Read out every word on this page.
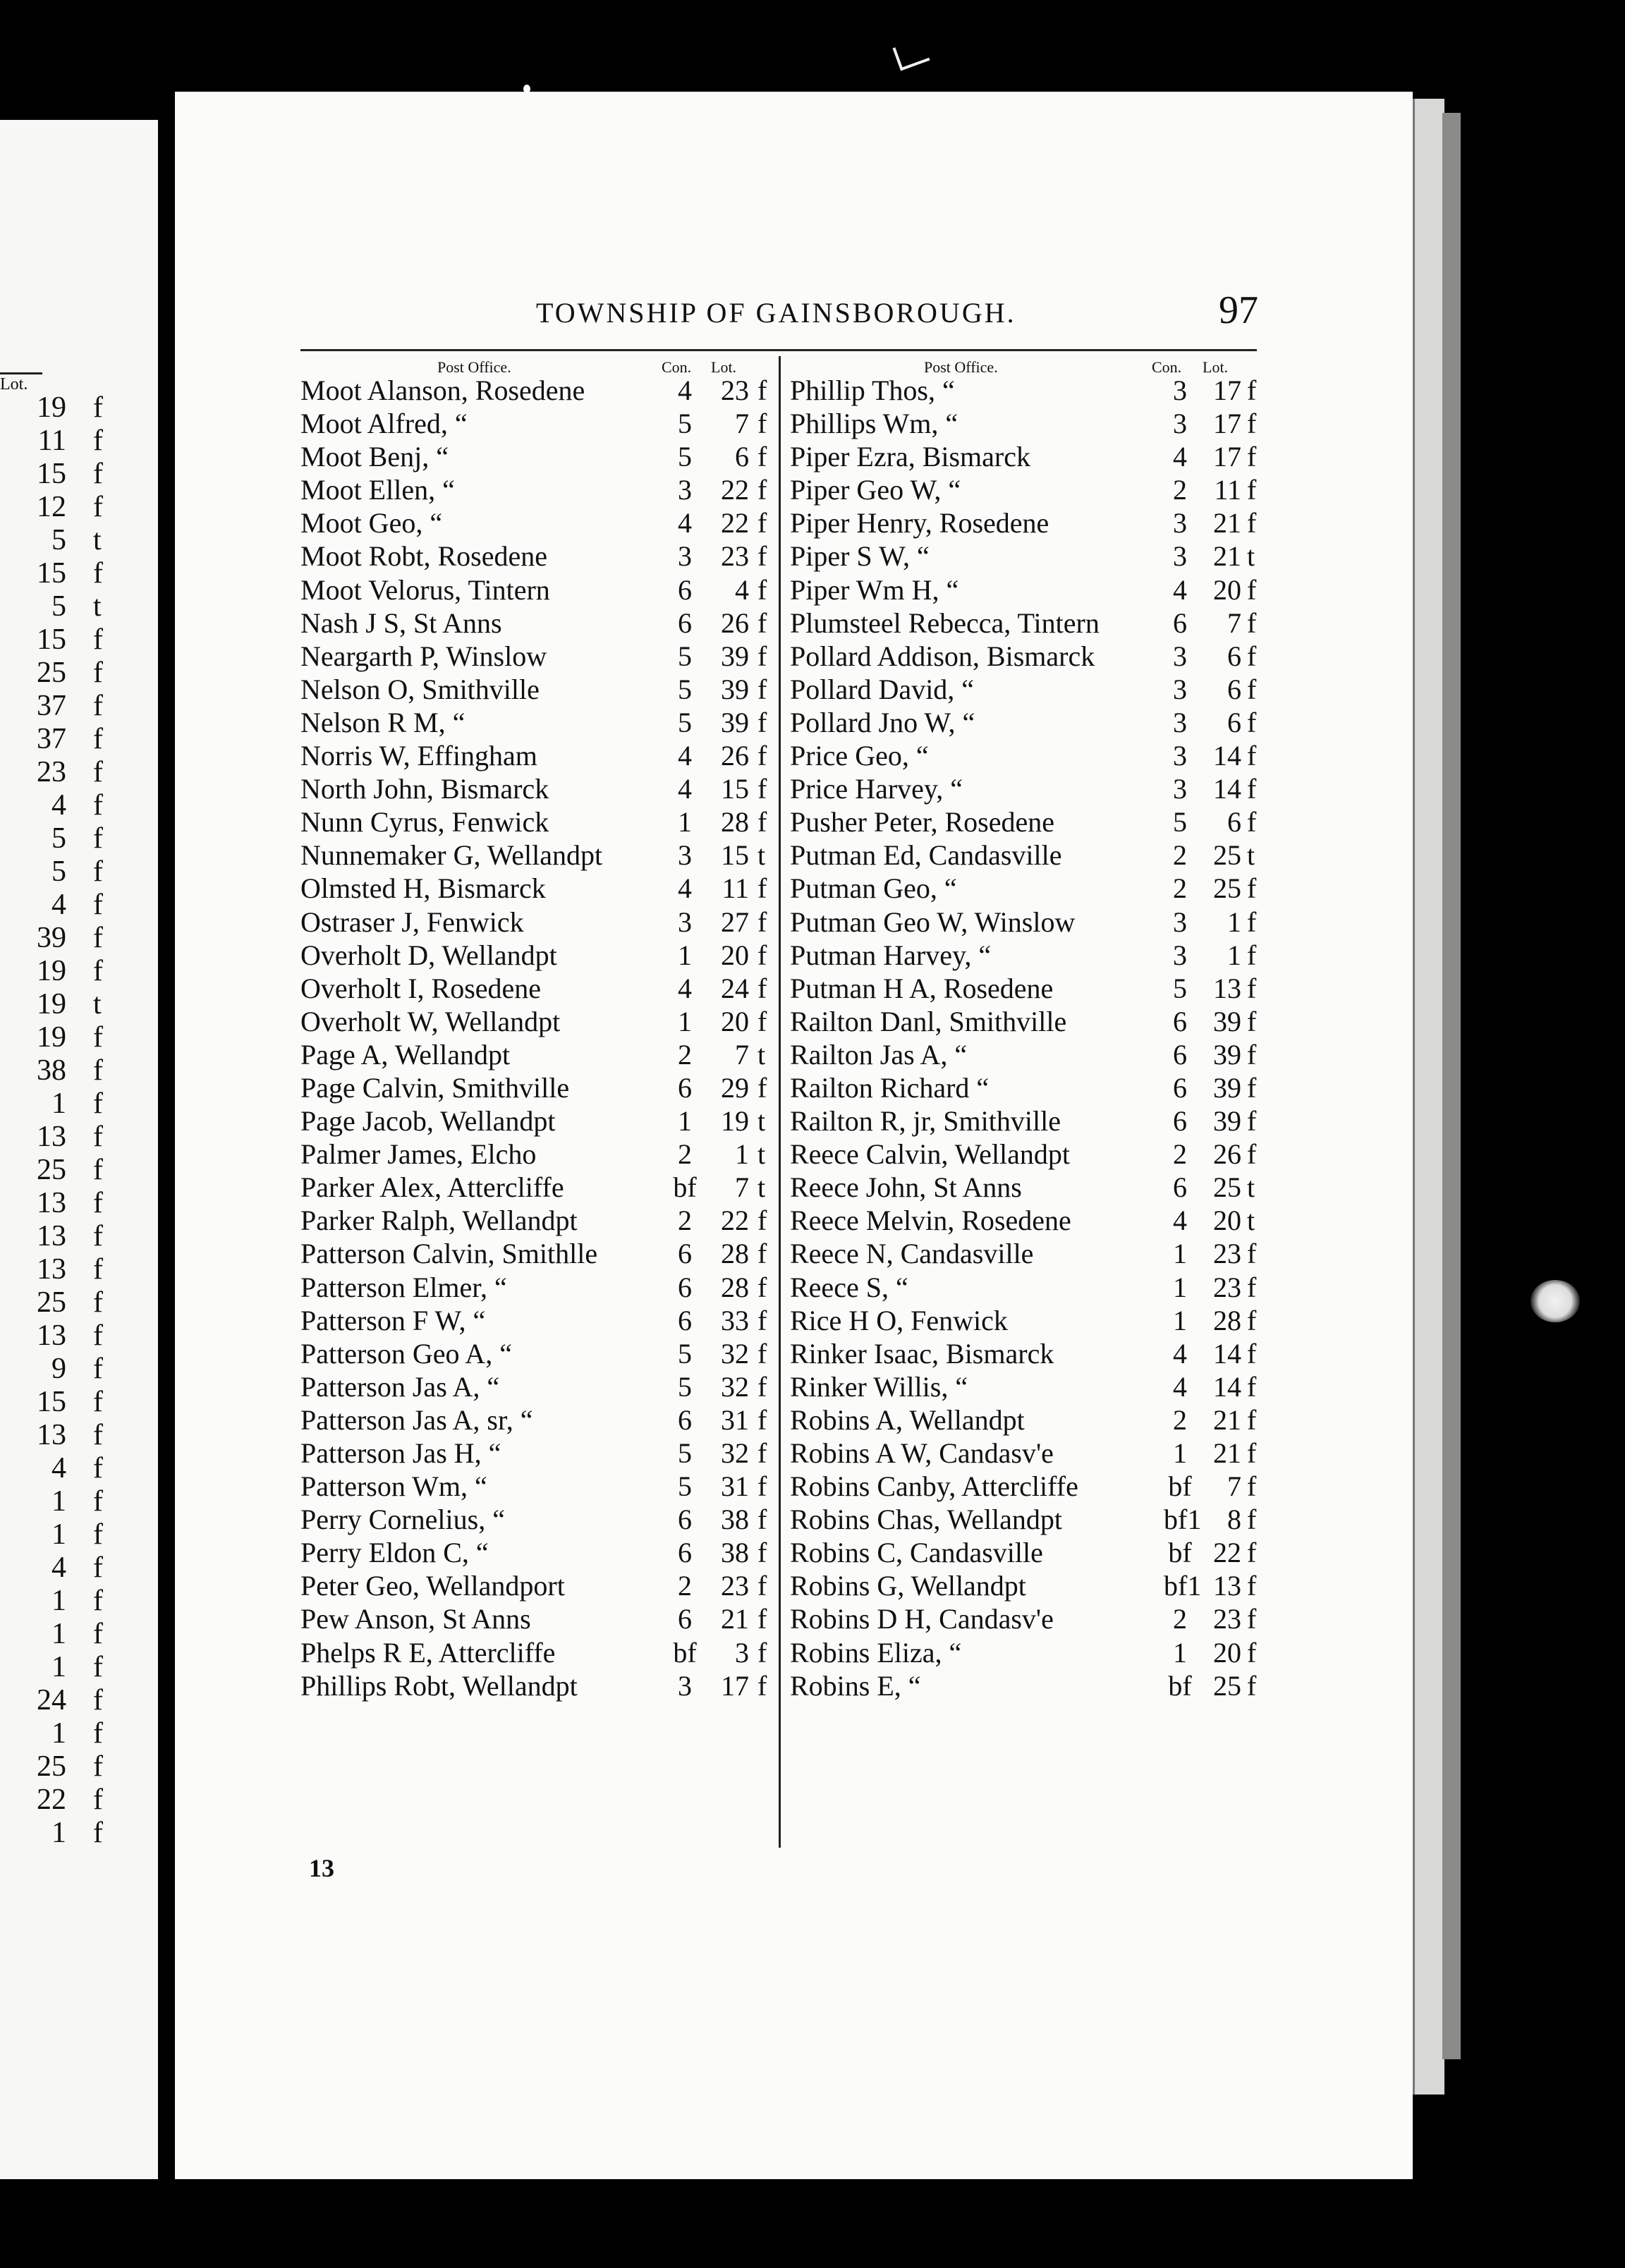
Lot.
19 f
11 f
15 f
12 f
5 t
15 f
5 t
15 f
25 f
37 f
37 f
23 f
4 f
5 f
5 f
4 f
39 f
19 f
19 t
19 f
38 f
1 f
13 f
25 f
13 f
13 f
13 f
25 f
13 f
9 f
15 f
13 f
4 f
1 f
1 f
4 f
1 f
1 f
1 f
24 f
1 f
25 f
22 f
1 f
TOWNSHIP OF GAINSBOROUGH.	97
Post Office.	Con. Lot.	Post Office.	Con. Lot.
Moot Alanson, Rosedene	4	23 f
Moot Alfred, “	5	7 f
Moot Benj, “	5	6 f
Moot Ellen, “	3	22 f
Moot Geo, “	4	22 f
Moot Robt, Rosedene	3	23 f
Moot Velorus, Tintern	6	4 f
Nash J S, St Anns	6	26 f
Neargarth P, Winslow	5	39 f
Nelson O, Smithville	5	39 f
Nelson R M, “	5	39 f
Norris W, Effingham	4	26 f
North John, Bismarck	4	15 f
Nunn Cyrus, Fenwick	1	28 f
Nunnemaker G, Wellandpt	3	15 t
Olmsted H, Bismarck	4	11 f
Ostraser J, Fenwick	3	27 f
Overholt D, Wellandpt	1	20 f
Overholt I, Rosedene	4	24 f
Overholt W, Wellandpt	1	20 f
Page A, Wellandpt	2	7 t
Page Calvin, Smithville	6	29 f
Page Jacob, Wellandpt	1	19 t
Palmer James, Elcho	2	1 t
Parker Alex, Attercliffe	bf	7 t
Parker Ralph, Wellandpt	2	22 f
Patterson Calvin, Smithlle	6	28 f
Patterson Elmer, “	6	28 f
Patterson F W, “	6	33 f
Patterson Geo A, “	5	32 f
Patterson Jas A, “	5	32 f
Patterson Jas A, sr, “	6	31 f
Patterson Jas H, “	5	32 f
Patterson Wm, “	5	31 f
Perry Cornelius, “	6	38 f
Perry Eldon C, “	6	38 f
Peter Geo, Wellandport	2	23 f
Pew Anson, St Anns	6	21 f
Phelps R E, Attercliffe	bf	3 f
Phillips Robt, Wellandpt	3	17 f
Phillip Thos, “	3 17 f
Phillips Wm, “	3 17 f
Piper Ezra, Bismarck	4 17 f
Piper Geo W, “	2 11 f
Piper Henry, Rosedene	3 21 f
Piper S W, “	3 21 t
Piper Wm H, “	4 20 f
Plumsteel Rebecca, Tintern	6	7 f
Pollard Addison, Bismarck	3	6 f
Pollard David, “	3	6 f
Pollard Jno W, “	3	6 f
Price Geo, “	3 14 f
Price Harvey, “	3 14 f
Pusher Peter, Rosedene	5	6 f
Putman Ed, Candasville	2 25 t
Putman Geo, “	2 25 f
Putman Geo W, Winslow	3	1 f
Putman Harvey, “	3	1 f
Putman H A, Rosedene	5 13 f
Railton Danl, Smithville	6 39 f
Railton Jas A, “	6 39 f
Railton Richard “	6 39 f
Railton R, jr, Smithville	6 39 f
Reece Calvin, Wellandpt	2 26 f
Reece John, St Anns	6 25 t
Reece Melvin, Rosedene	4 20 t
Reece N, Candasville	1 23 f
Reece S, “	1 23 f
Rice H O, Fenwick	1 28 f
Rinker Isaac, Bismarck	4 14 f
Rinker Willis, “	4 14 f
Robins A, Wellandpt	2 21 f
Robins A W, Candasv'e	1 21 f
Robins Canby, Attercliffe	bf	7 f
Robins Chas, Wellandpt	bf1 8 f
Robins C, Candasville	bf 22 f
Robins G, Wellandpt	bf1 13 f
Robins D H, Candasv'e	2 23 f
Robins Eliza, “	1 20 f
Robins E, “	bf 25 f
13
